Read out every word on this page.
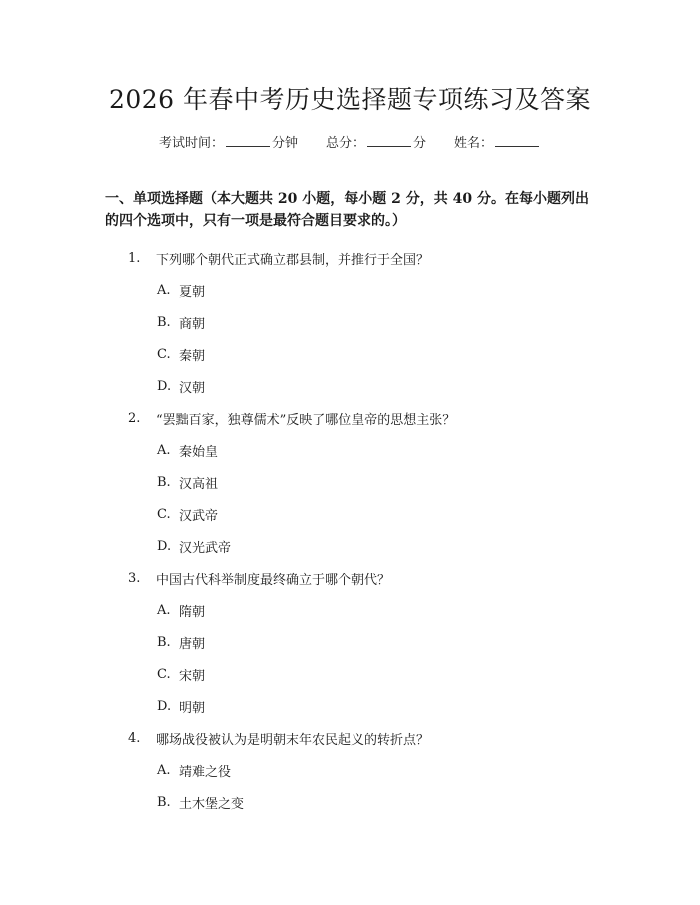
2026 年春中考历史选择题专项练习及答案
考试时间：	分钟 总分：	分 姓名：

一、单项选择题（本大题共 20 小题，每小题 2 分，共 40 分。在每小题列出的四个选项中，只有一项是最符合题目要求的。）

1.	下列哪个朝代正式确立郡县制，并推行于全国？
A. 夏朝
B. 商朝
C. 秦朝
D. 汉朝
2.	“罢黜百家，独尊儒术”反映了哪位皇帝的思想主张？
A. 秦始皇
B. 汉高祖
C. 汉武帝
D. 汉光武帝
3.	中国古代科举制度最终确立于哪个朝代？
A. 隋朝
B. 唐朝
C. 宋朝
D. 明朝
4.	哪场战役被认为是明朝末年农民起义的转折点？
A. 靖难之役
B. 土木堡之变
